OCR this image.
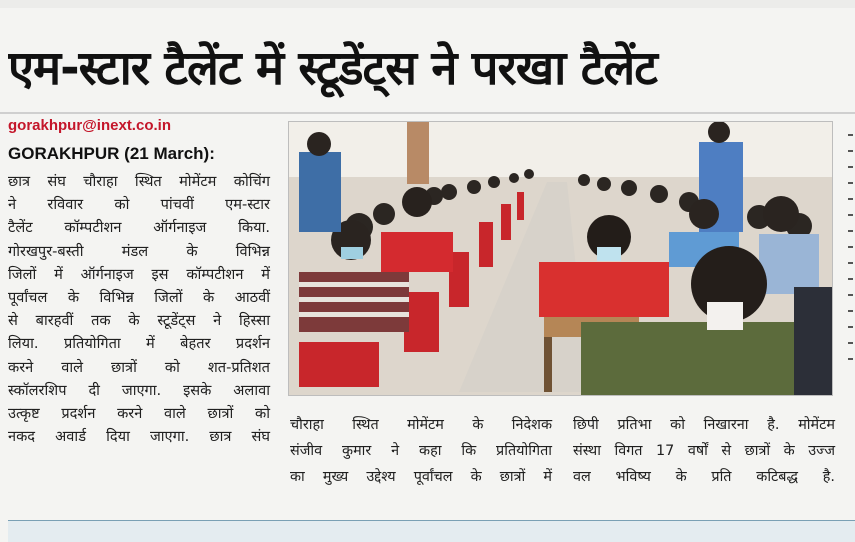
एम-स्टार टैलेंट में स्टूडेंट्स ने परखा टैलेंट
gorakhpur@inext.co.in
GORAKHPUR (21 March):

छात्र संघ चौराहा स्थित मोमेंटम कोचिंग

ने रविवार को पांचवीं एम-स्टार

टैलेंट कॉम्पटीशन ऑर्गनाइज किया.

गोरखपुर-बस्ती मंडल के विभिन्न

जिलों में ऑर्गनाइज इस कॉम्पटीशन में

पूर्वांचल के विभिन्न जिलों के आठवीं

से बारहवीं तक के स्टूडेंट्स ने हिस्सा

लिया. प्रतियोगिता में बेहतर प्रदर्शन

करने वाले छात्रों को शत-प्रतिशत

स्कॉलरशिप दी जाएगा. इसके अलावा

उत्कृष्ट प्रदर्शन करने वाले छात्रों को

नकद अवार्ड दिया जाएगा. छात्र संघ

चौराहा स्थित मोमेंटम के निदेशक

संजीव कुमार ने कहा कि प्रतियोगिता

का मुख्य उद्देश्य पूर्वांचल के छात्रों में

छिपी प्रतिभा को निखारना है. मोमेंटम

संस्था विगत 17 वर्षों से छात्रों के उज्ज

वल भविष्य के प्रति कटिबद्ध है.
